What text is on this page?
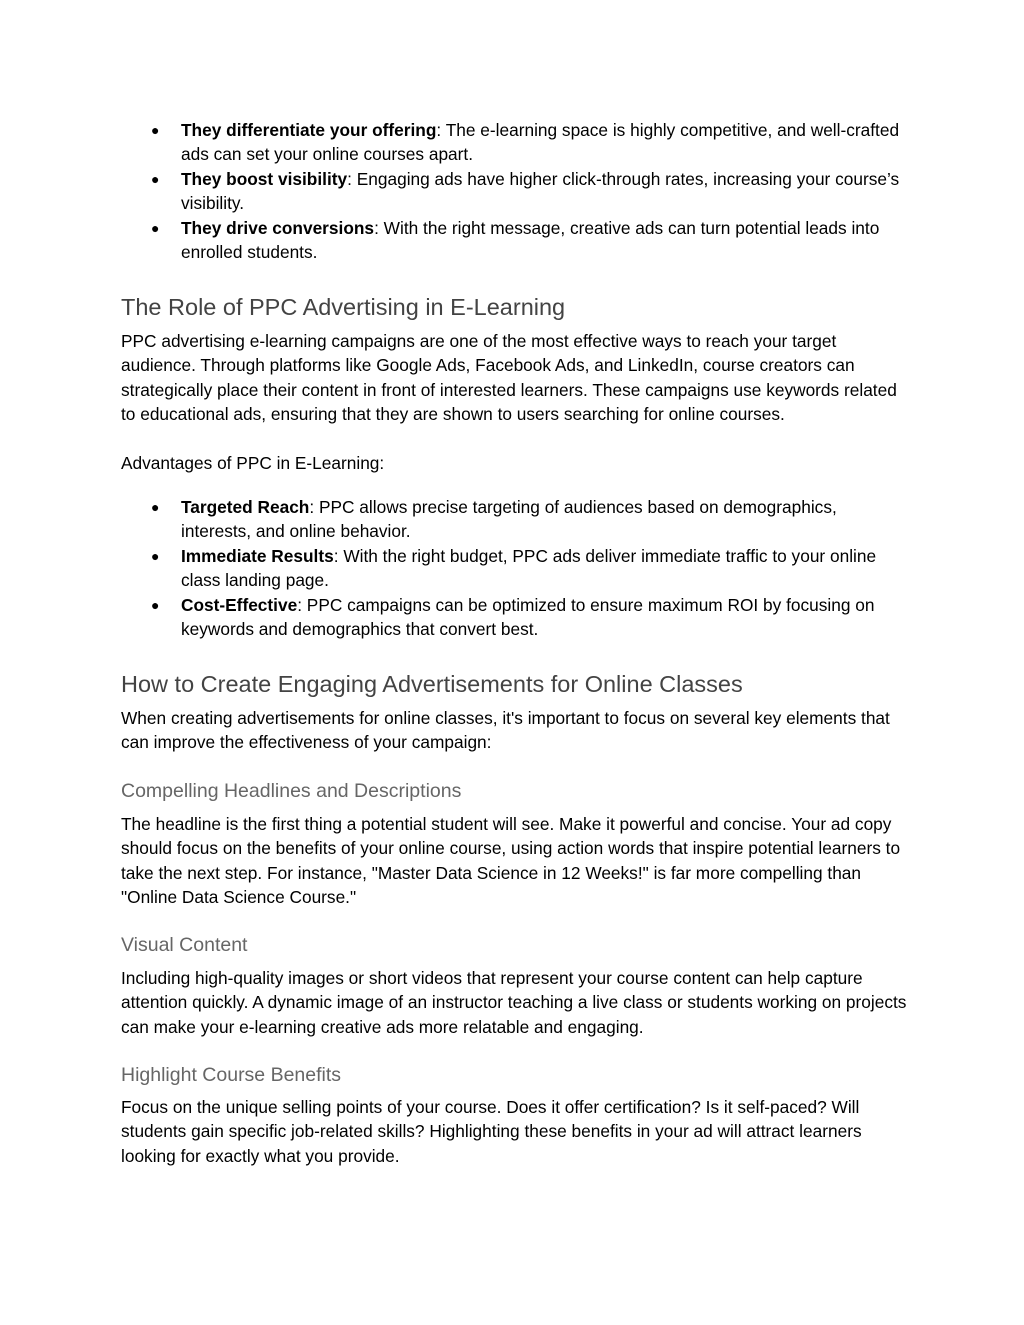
● They differentiate your offering: The e-learning space is highly competitive, and well-crafted ads can set your online courses apart.
● They boost visibility: Engaging ads have higher click-through rates, increasing your course’s visibility.
● They drive conversions: With the right message, creative ads can turn potential leads into enrolled students.
The Role of PPC Advertising in E-Learning

PPC advertising e-learning campaigns are one of the most effective ways to reach your target audience. Through platforms like Google Ads, Facebook Ads, and LinkedIn, course creators can strategically place their content in front of interested learners. These campaigns use keywords related to educational ads, ensuring that they are shown to users searching for online courses.

Advantages of PPC in E-Learning:

● Targeted Reach: PPC allows precise targeting of audiences based on demographics, interests, and online behavior.
● Immediate Results: With the right budget, PPC ads deliver immediate traffic to your online class landing page.
● Cost-Effective: PPC campaigns can be optimized to ensure maximum ROI by focusing on keywords and demographics that convert best.
How to Create Engaging Advertisements for Online Classes

When creating advertisements for online classes, it's important to focus on several key elements that can improve the effectiveness of your campaign:

Compelling Headlines and Descriptions

The headline is the first thing a potential student will see. Make it powerful and concise. Your ad copy should focus on the benefits of your online course, using action words that inspire potential learners to take the next step. For instance, "Master Data Science in 12 Weeks!" is far more compelling than "Online Data Science Course."

Visual Content

Including high-quality images or short videos that represent your course content can help capture attention quickly. A dynamic image of an instructor teaching a live class or students working on projects can make your e-learning creative ads more relatable and engaging.

Highlight Course Benefits

Focus on the unique selling points of your course. Does it offer certification? Is it self-paced? Will students gain specific job-related skills? Highlighting these benefits in your ad will attract learners looking for exactly what you provide.
